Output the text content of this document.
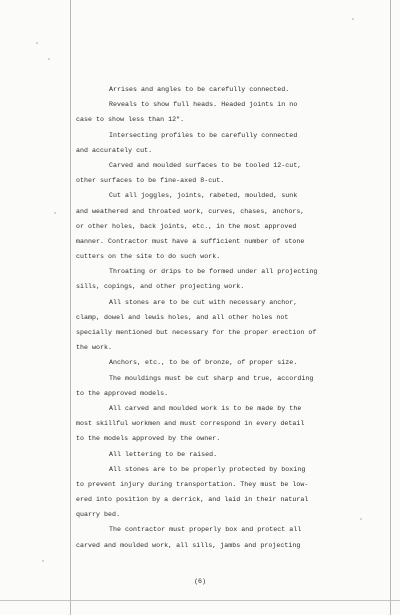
Arrises and angles to be carefully connected.
Reveals to show full heads. Headed joints in no
case to show less than 12".
Intersecting profiles to be carefully connected
and accurately cut.
Carved and moulded surfaces to be tooled 12-cut,
other surfaces to be fine-axed 8-cut.
Cut all joggles, joints, rabeted, moulded, sunk
and weathered and throated work, curves, chases, anchors,
or other holes, back joints, etc., in the most approved
manner. Contractor must have a sufficient number of stone
cutters on the site to do such work.
Throating or drips to be formed under all projecting
sills, copings, and other projecting work.
All stones are to be cut with necessary anchor,
clamp, dowel and lewis holes, and all other holes not
specially mentioned but necessary for the proper erection of
the work.
Anchors, etc., to be of bronze, of proper size.
The mouldings must be cut sharp and true, according
to the approved models.
All carved and moulded work is to be made by the
most skillful workmen and must correspond in every detail
to the models approved by the owner.
All lettering to be raised.
All stones are to be properly protected by boxing
to prevent injury during transportation. They must be low-
ered into position by a derrick, and laid in their natural
quarry bed.
The contractor must properly box and protect all
carved and moulded work, all sills, jambs and projecting
(6)
